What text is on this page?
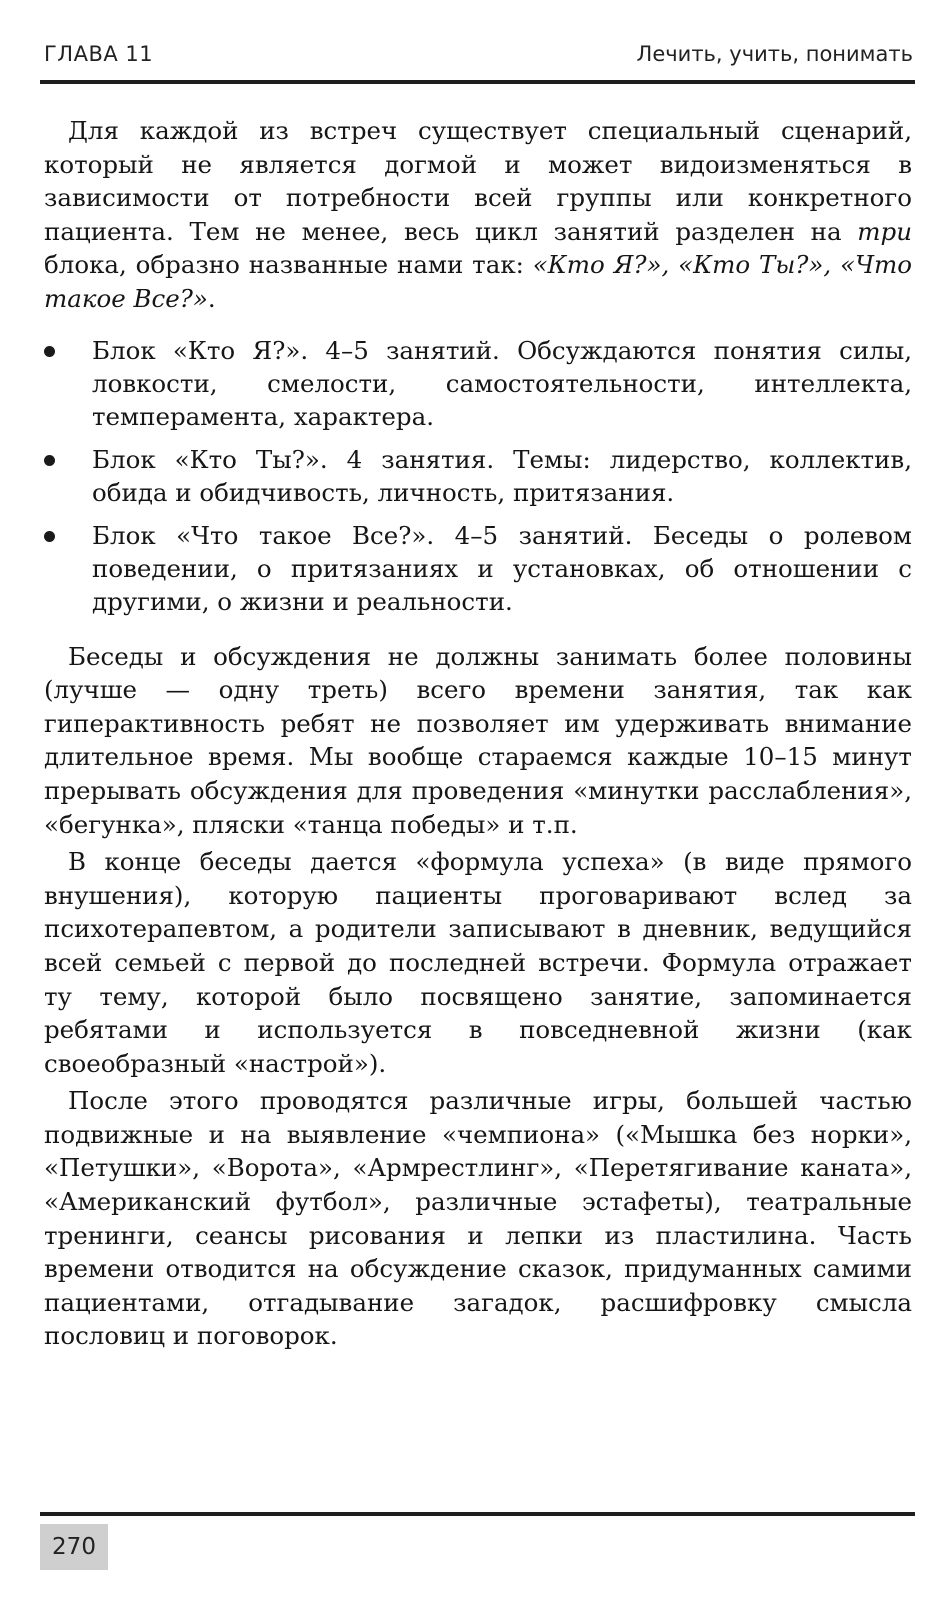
ГЛАВА 11	Лечить, учить, понимать

Для каждой из встреч существует специальный сценарий, который не является догмой и может видоизменяться в зависимости от потребности всей группы или конкретного пациента. Тем не менее, весь цикл занятий разделен на три блока, образно названные нами так: «Кто Я?», «Кто Ты?», «Что такое Все?».

Блок «Кто Я?». 4–5 занятий. Обсуждаются понятия силы, ловкости, смелости, самостоятельности, интеллекта, темперамента, характера.
Блок «Кто Ты?». 4 занятия. Темы: лидерство, коллектив, обида и обидчивость, личность, притязания.
Блок «Что такое Все?». 4–5 занятий. Беседы о ролевом поведении, о притязаниях и установках, об отношении с другими, о жизни и реальности.

Беседы и обсуждения не должны занимать более половины (лучше — одну треть) всего времени занятия, так как гиперактивность ребят не позволяет им удерживать внимание длительное время. Мы вообще стараемся каждые 10–15 минут прерывать обсуждения для проведения «минутки расслабления», «бегунка», пляски «танца победы» и т.п.

В конце беседы дается «формула успеха» (в виде прямого внушения), которую пациенты проговаривают вслед за психотерапевтом, а родители записывают в дневник, ведущийся всей семьей с первой до последней встречи. Формула отражает ту тему, которой было посвящено занятие, запоминается ребятами и используется в повседневной жизни (как своеобразный «настрой»).

После этого проводятся различные игры, большей частью подвижные и на выявление «чемпиона» («Мышка без норки», «Петушки», «Ворота», «Армрестлинг», «Перетягивание каната», «Американский футбол», различные эстафеты), театральные тренинги, сеансы рисования и лепки из пластилина. Часть времени отводится на обсуждение сказок, придуманных самими пациентами, отгадывание загадок, расшифровку смысла пословиц и поговорок.

270
